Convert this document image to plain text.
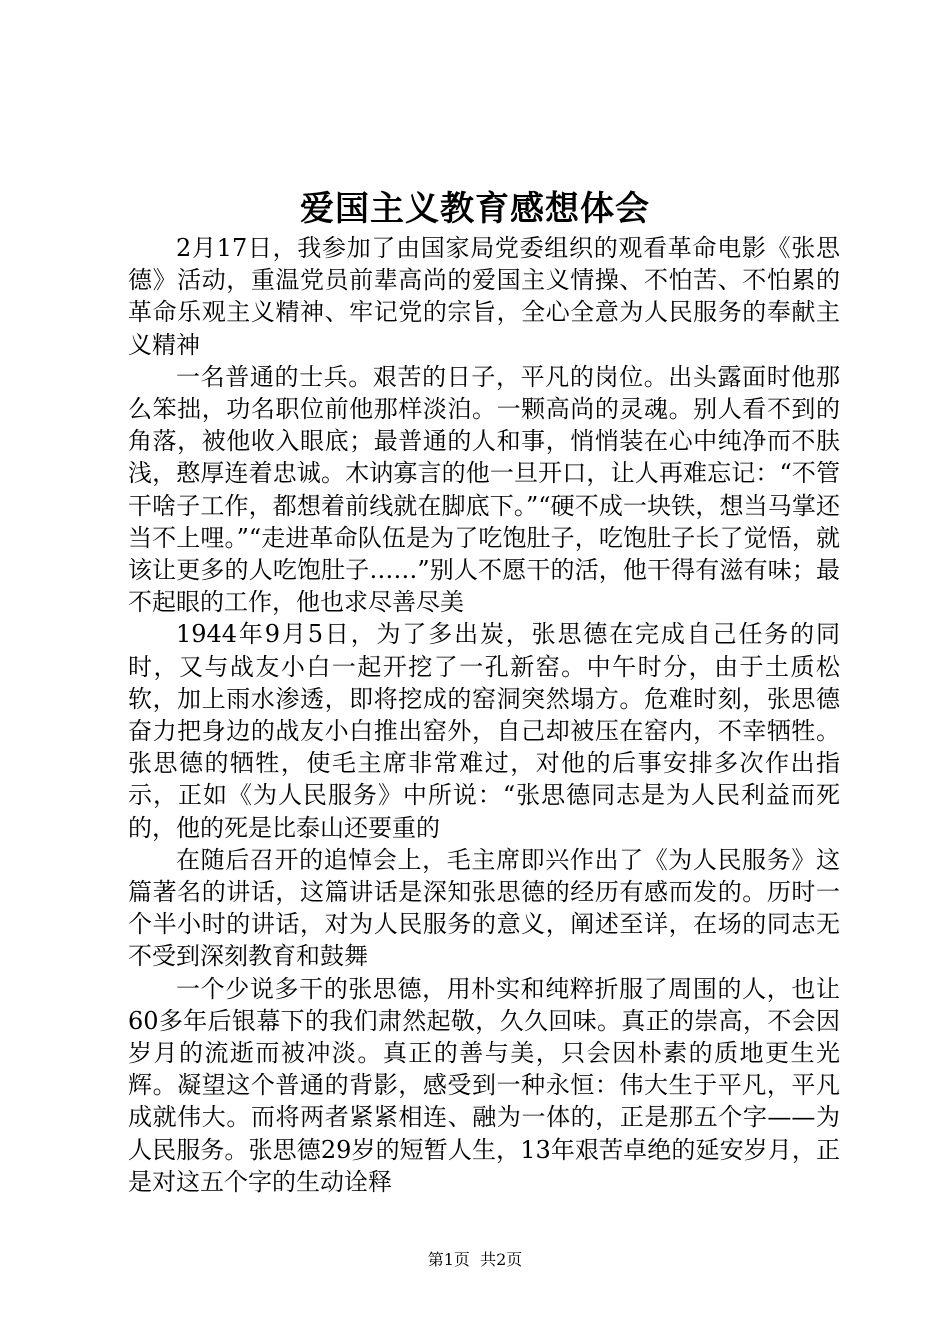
爱国主义教育感想体会

2月17日，我参加了由国家局党委组织的观看革命电影《张思德》活动，重温党员前辈高尚的爱国主义情操、不怕苦、不怕累的革命乐观主义精神、牢记党的宗旨，全心全意为人民服务的奉献主义精神

一名普通的士兵。艰苦的日子，平凡的岗位。出头露面时他那么笨拙，功名职位前他那样淡泊。一颗高尚的灵魂。别人看不到的角落，被他收入眼底；最普通的人和事，悄悄装在心中纯净而不肤浅，憨厚连着忠诚。木讷寡言的他一旦开口，让人再难忘记：“不管干啥子工作，都想着前线就在脚底下。”“硬不成一块铁，想当马掌还当不上哩。”“走进革命队伍是为了吃饱肚子，吃饱肚子长了觉悟，就该让更多的人吃饱肚子……”别人不愿干的活，他干得有滋有味；最不起眼的工作，他也求尽善尽美

1944年9月5日，为了多出炭，张思德在完成自己任务的同时，又与战友小白一起开挖了一孔新窑。中午时分，由于土质松软，加上雨水渗透，即将挖成的窑洞突然塌方。危难时刻，张思德奋力把身边的战友小白推出窑外，自己却被压在窑内，不幸牺牲。张思德的牺牲，使毛主席非常难过，对他的后事安排多次作出指示，正如《为人民服务》中所说：“张思德同志是为人民利益而死的，他的死是比泰山还要重的

在随后召开的追悼会上，毛主席即兴作出了《为人民服务》这篇著名的讲话，这篇讲话是深知张思德的经历有感而发的。历时一个半小时的讲话，对为人民服务的意义，阐述至详，在场的同志无不受到深刻教育和鼓舞

一个少说多干的张思德，用朴实和纯粹折服了周围的人，也让60多年后银幕下的我们肃然起敬，久久回味。真正的崇高，不会因岁月的流逝而被冲淡。真正的善与美，只会因朴素的质地更生光辉。凝望这个普通的背影，感受到一种永恒：伟大生于平凡，平凡成就伟大。而将两者紧紧相连、融为一体的，正是那五个字——为人民服务。张思德29岁的短暂人生，13年艰苦卓绝的延安岁月，正是对这五个字的生动诠释

第1页  共2页
